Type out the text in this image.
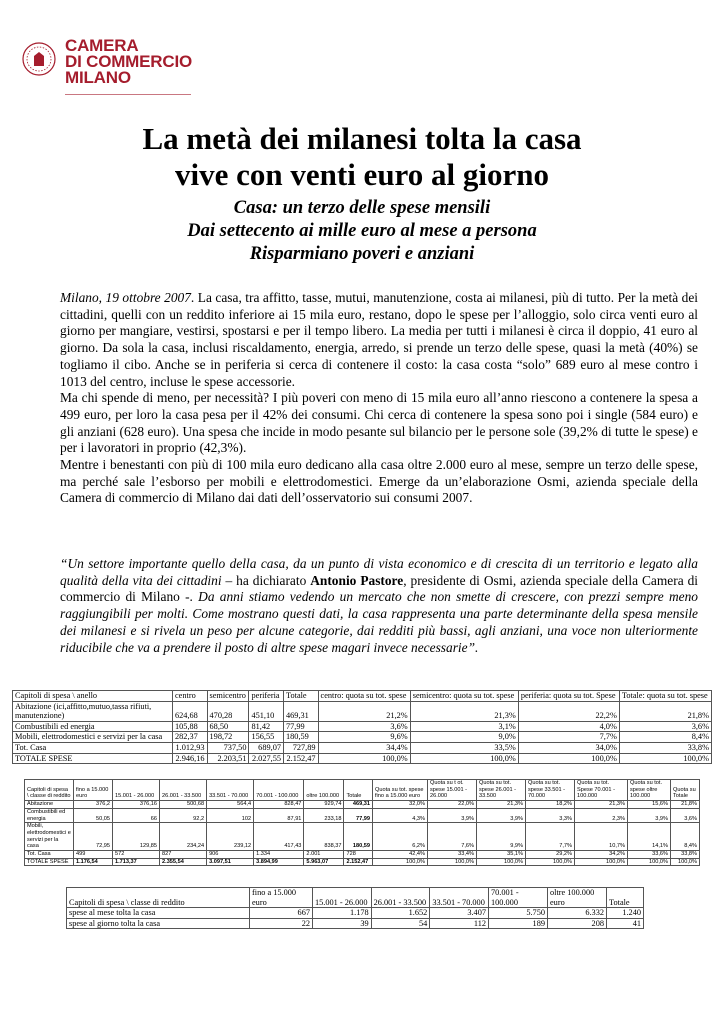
CAMERA
DI COMMERCIO
MILANO
La metà dei milanesi tolta la casa
vive con venti euro al giorno
Casa: un terzo delle spese mensili
Dai settecento ai mille euro al mese a persona
Risparmiano poveri e anziani
Milano, 19 ottobre 2007. La casa, tra affitto, tasse, mutui, manutenzione, costa ai milanesi, più di tutto. Per la metà dei cittadini, quelli con un reddito inferiore ai 15 mila euro, restano, dopo le spese per l’alloggio, solo circa venti euro al giorno per mangiare, vestirsi, spostarsi e per il tempo libero. La media per tutti i milanesi è circa il doppio, 41 euro al giorno. Da sola la casa, inclusi riscaldamento, energia, arredo, si prende un terzo delle spese, quasi la metà (40%) se togliamo il cibo. Anche se in periferia si cerca di contenere il costo: la casa costa “solo” 689 euro al mese contro i 1013 del centro, incluse le spese accessorie.
Ma chi spende di meno, per necessità? I più poveri con meno di 15 mila euro all’anno riescono a contenere la spesa a 499 euro, per loro la casa pesa per il 42% dei consumi. Chi cerca di contenere la spesa sono poi i single (584 euro) e gli anziani (628 euro). Una spesa che incide in modo pesante sul bilancio per le persone sole (39,2% di tutte le spese) e per i lavoratori in proprio (42,3%).
Mentre i benestanti con più di 100 mila euro dedicano alla casa oltre 2.000 euro al mese, sempre un terzo delle spese, ma perché sale l’esborso per mobili e elettrodomestici. Emerge da un’elaborazione Osmi, azienda speciale della Camera di commercio di Milano dai dati dell’osservatorio sui consumi 2007.
“Un settore importante quello della casa, da un punto di vista economico e di crescita di un territorio e legato alla qualità della vita dei cittadini – ha dichiarato Antonio Pastore, presidente di Osmi, azienda speciale della Camera di commercio di Milano -. Da anni stiamo vedendo un mercato che non smette di crescere, con prezzi sempre meno raggiungibili per molti. Come mostrano questi dati, la casa rappresenta una parte determinante della spesa mensile dei milanesi e si rivela un peso per alcune categorie, dai redditi più bassi, agli anziani, una voce non ulteriormente riducibile che va a prendere il posto di altre spese magari invece necessarie”.
Capitoli di spesa \ anello	centro	semicentro	periferia	Totale	centro: quota su tot. spese	semicentro: quota su tot. spese	periferia: quota su tot. Spese	Totale: quota su tot. spese
Abitazione (ici,affitto,mutuo,tassa rifiuti, manutenzione)	624,68	470,28	451,10	469,31	21,2%	21,3%	22,2%	21,8%
Combustibili ed energia	105,88	68,50	81,42	77,99	3,6%	3,1%	4,0%	3,6%
Mobili, elettrodomestici e servizi per la casa	282,37	198,72	156,55	180,59	9,6%	9,0%	7,7%	8,4%
Tot. Casa	1.012,93	737,50	689,07	727,89	34,4%	33,5%	34,0%	33,8%
TOTALE SPESE	2.946,16	2.203,51	2.027,55	2.152,47	100,0%	100,0%	100,0%	100,0%
Capitoli di spesa \ classe di reddito	fino a 15.000 euro	15.001 - 26.000	26.001 - 33.500	33.501 - 70.000	70.001 - 100.000	oltre 100.000	Totale	Quota su tot. spese fino a 15.000 euro	Quota su t ot. spese 15.001 - 26.000	Quota su tot. spese 26.001 - 33.500	Quota su tot. spese 33.501 - 70.000	Quota su tot. Spese 70.001 - 100.000	Quota su tot. spese oltre 100.000	Quota su Totale
Abitazione	376,2	376,16	500,68	564,4	828,47	929,74	469,31	32,0%	22,0%	21,3%	18,2%	21,3%	15,6%	21,8%
Combustibili ed energia	50,05	66	92,2	102	87,91	233,18	77,99	4,3%	3,9%	3,9%	3,3%	2,3%	3,9%	3,6%
Mobili, elettrodomestici e servizi per la casa	72,95	129,85	234,24	239,12	417,43	838,37	180,59	6,2%	7,6%	9,9%	7,7%	10,7%	14,1%	8,4%
Tot. Casa	499	572	827	906	1.334	2.001	728	42,4%	33,4%	35,1%	29,2%	34,2%	33,6%	33,8%
TOTALE SPESE	1.176,54	1.713,37	2.355,54	3.097,51	3.894,99	5.963,07	2.152,47	100,0%	100,0%	100,0%	100,0%	100,0%	100,0%	100,0%
Capitoli di spesa \ classe di reddito	fino a 15.000 euro	15.001 - 26.000	26.001 - 33.500	33.501 - 70.000	70.001 - 100.000	oltre 100.000 euro	Totale
spese al mese tolta la casa	667	1.178	1.652	3.407	5.750	6.332	1.240
spese al giorno tolta la casa	22	39	54	112	189	208	41
